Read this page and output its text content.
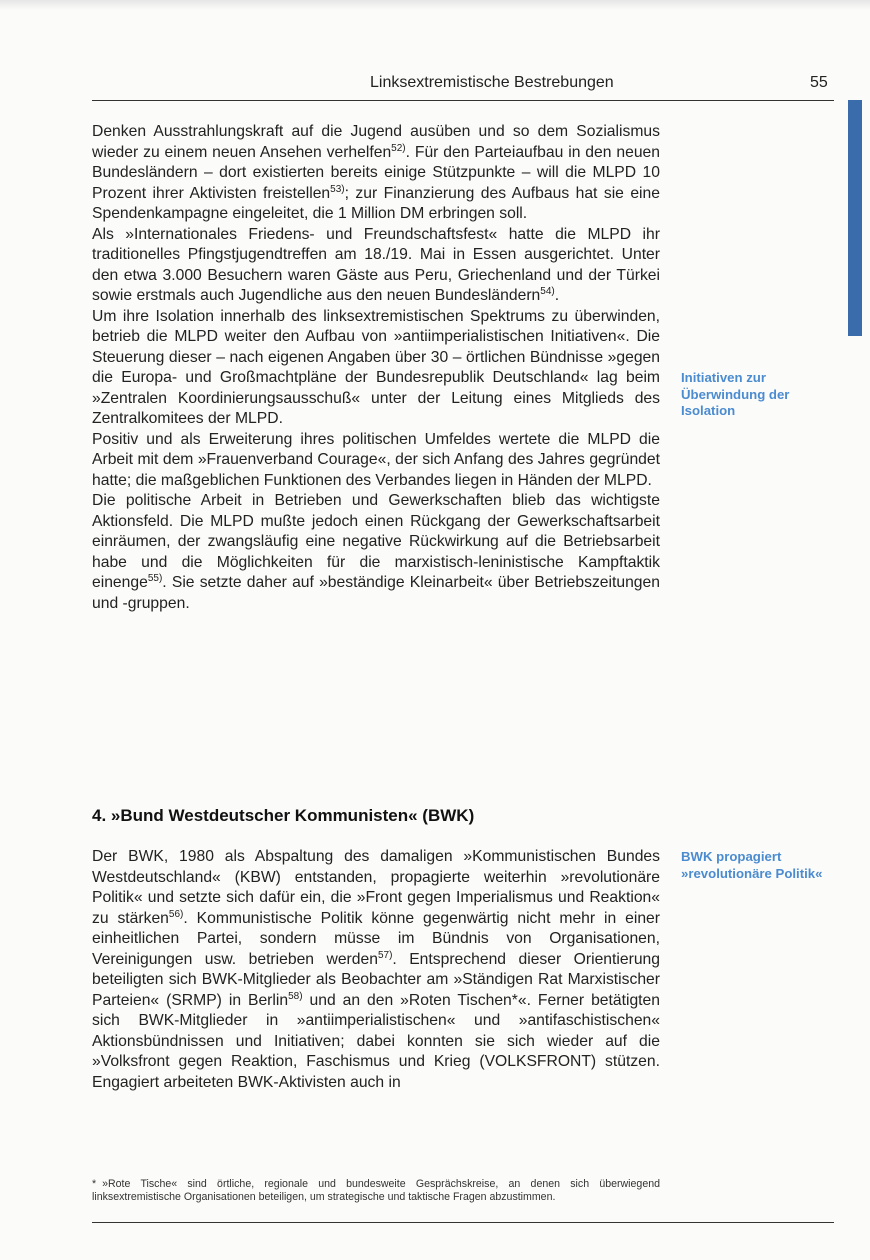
Linksextremistische Bestrebungen	55

Denken Ausstrahlungskraft auf die Jugend ausüben und so dem Sozialismus wieder zu einem neuen Ansehen verhelfen$^{52)}$. Für den Parteiaufbau in den neuen Bundesländern – dort existierten bereits einige Stützpunkte – will die MLPD 10 Prozent ihrer Aktivisten freistellen$^{53)}$; zur Finanzierung des Aufbaus hat sie eine Spendenkampagne eingeleitet, die 1 Million DM erbringen soll.

Als »Internationales Friedens- und Freundschaftsfest« hatte die MLPD ihr traditionelles Pfingstjugendtreffen am 18./19. Mai in Essen ausgerichtet. Unter den etwa 3.000 Besuchern waren Gäste aus Peru, Griechenland und der Türkei sowie erstmals auch Jugendliche aus den neuen Bundesländern$^{54)}$.

Um ihre Isolation innerhalb des linksextremistischen Spektrums zu überwinden, betrieb die MLPD weiter den Aufbau von »antiimperialistischen Initiativen«. Die Steuerung dieser – nach eigenen Angaben über 30 – örtlichen Bündnisse »gegen die Europa- und Großmachtpläne der Bundesrepublik Deutschland« lag beim »Zentralen Koordinierungsausschuß« unter der Leitung eines Mitglieds des Zentralkomitees der MLPD.

Positiv und als Erweiterung ihres politischen Umfeldes wertete die MLPD die Arbeit mit dem »Frauenverband Courage«, der sich Anfang des Jahres gegründet hatte; die maßgeblichen Funktionen des Verbandes liegen in Händen der MLPD.

Die politische Arbeit in Betrieben und Gewerkschaften blieb das wichtigste Aktionsfeld. Die MLPD mußte jedoch einen Rückgang der Gewerkschaftsarbeit einräumen, der zwangsläufig eine negative Rückwirkung auf die Betriebsarbeit habe und die Möglichkeiten für die marxistisch-leninistische Kampftaktik einenge$^{55)}$. Sie setzte daher auf »beständige Kleinarbeit« über Betriebszeitungen und -gruppen.

Initiativen zur Überwindung der Isolation
4. »Bund Westdeutscher Kommunisten« (BWK)

Der BWK, 1980 als Abspaltung des damaligen »Kommunistischen Bundes Westdeutschland« (KBW) entstanden, propagierte weiterhin »revolutionäre Politik« und setzte sich dafür ein, die »Front gegen Imperialismus und Reaktion« zu stärken$^{56)}$. Kommunistische Politik könne gegenwärtig nicht mehr in einer einheitlichen Partei, sondern müsse im Bündnis von Organisationen, Vereinigungen usw. betrieben werden$^{57)}$. Entsprechend dieser Orientierung beteiligten sich BWK-Mitglieder als Beobachter am »Ständigen Rat Marxistischer Parteien« (SRMP) in Berlin$^{58)}$ und an den »Roten Tischen*«. Ferner betätigten sich BWK-Mitglieder in »antiimperialistischen« und »antifaschistischen« Aktionsbündnissen und Initiativen; dabei konnten sie sich wieder auf die »Volksfront gegen Reaktion, Faschismus und Krieg (VOLKSFRONT) stützen. Engagiert arbeiteten BWK-Aktivisten auch in

BWK propagiert »revolutionäre Politik«
* »Rote Tische« sind örtliche, regionale und bundesweite Gesprächskreise, an denen sich überwiegend linksextremistische Organisationen beteiligen, um strategische und taktische Fragen abzustimmen.
